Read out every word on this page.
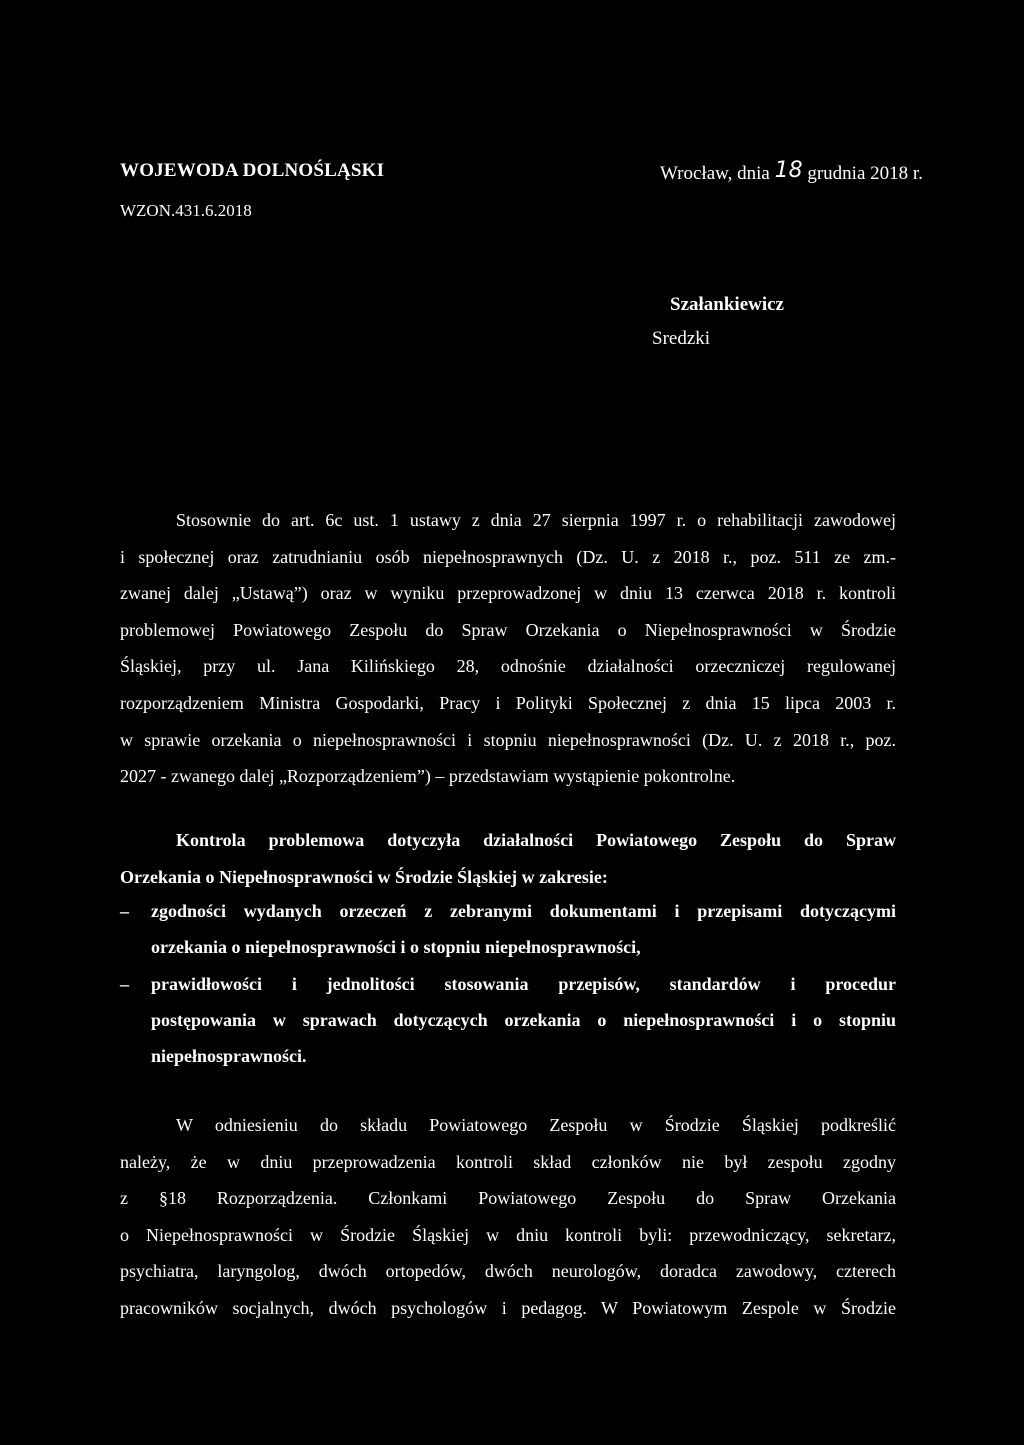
WOJEWODA DOLNOŚLĄSKI
WZON.431.6.2018
Wrocław, dnia 18 grudnia 2018 r.
Szałankiewicz
Sredzki
Stosownie do art. 6c ust. 1 ustawy z dnia 27 sierpnia 1997 r. o rehabilitacji zawodowej
i społecznej oraz zatrudnianiu osób niepełnosprawnych (Dz. U. z 2018 r., poz. 511 ze zm.-
zwanej dalej „Ustawą”) oraz w wyniku przeprowadzonej w dniu 13 czerwca 2018 r. kontroli
problemowej Powiatowego Zespołu do Spraw Orzekania o Niepełnosprawności w Środzie
Śląskiej, przy ul. Jana Kilińskiego 28, odnośnie działalności orzeczniczej regulowanej
rozporządzeniem Ministra Gospodarki, Pracy i Polityki Społecznej z dnia 15 lipca 2003 r.
w sprawie orzekania o niepełnosprawności i stopniu niepełnosprawności (Dz. U. z 2018 r., poz.
2027 - zwanego dalej „Rozporządzeniem”) – przedstawiam wystąpienie pokontrolne.
Kontrola problemowa dotyczyła działalności Powiatowego Zespołu do Spraw
Orzekania o Niepełnosprawności w Środzie Śląskiej w zakresie:
– zgodności wydanych orzeczeń z zebranymi dokumentami i przepisami dotyczącymi
orzekania o niepełnosprawności i o stopniu niepełnosprawności,
– prawidłowości i jednolitości stosowania przepisów, standardów i procedur
postępowania w sprawach dotyczących orzekania o niepełnosprawności i o stopniu
niepełnosprawności.
W odniesieniu do składu Powiatowego Zespołu w Środzie Śląskiej podkreślić
należy, że w dniu przeprowadzenia kontroli skład członków nie był zespołu zgodny
z §18 Rozporządzenia. Członkami Powiatowego Zespołu do Spraw Orzekania
o Niepełnosprawności w Środzie Śląskiej w dniu kontroli byli: przewodniczący, sekretarz,
psychiatra, laryngolog, dwóch ortopedów, dwóch neurologów, doradca zawodowy, czterech
pracowników socjalnych, dwóch psychologów i pedagog. W Powiatowym Zespole w Środzie
